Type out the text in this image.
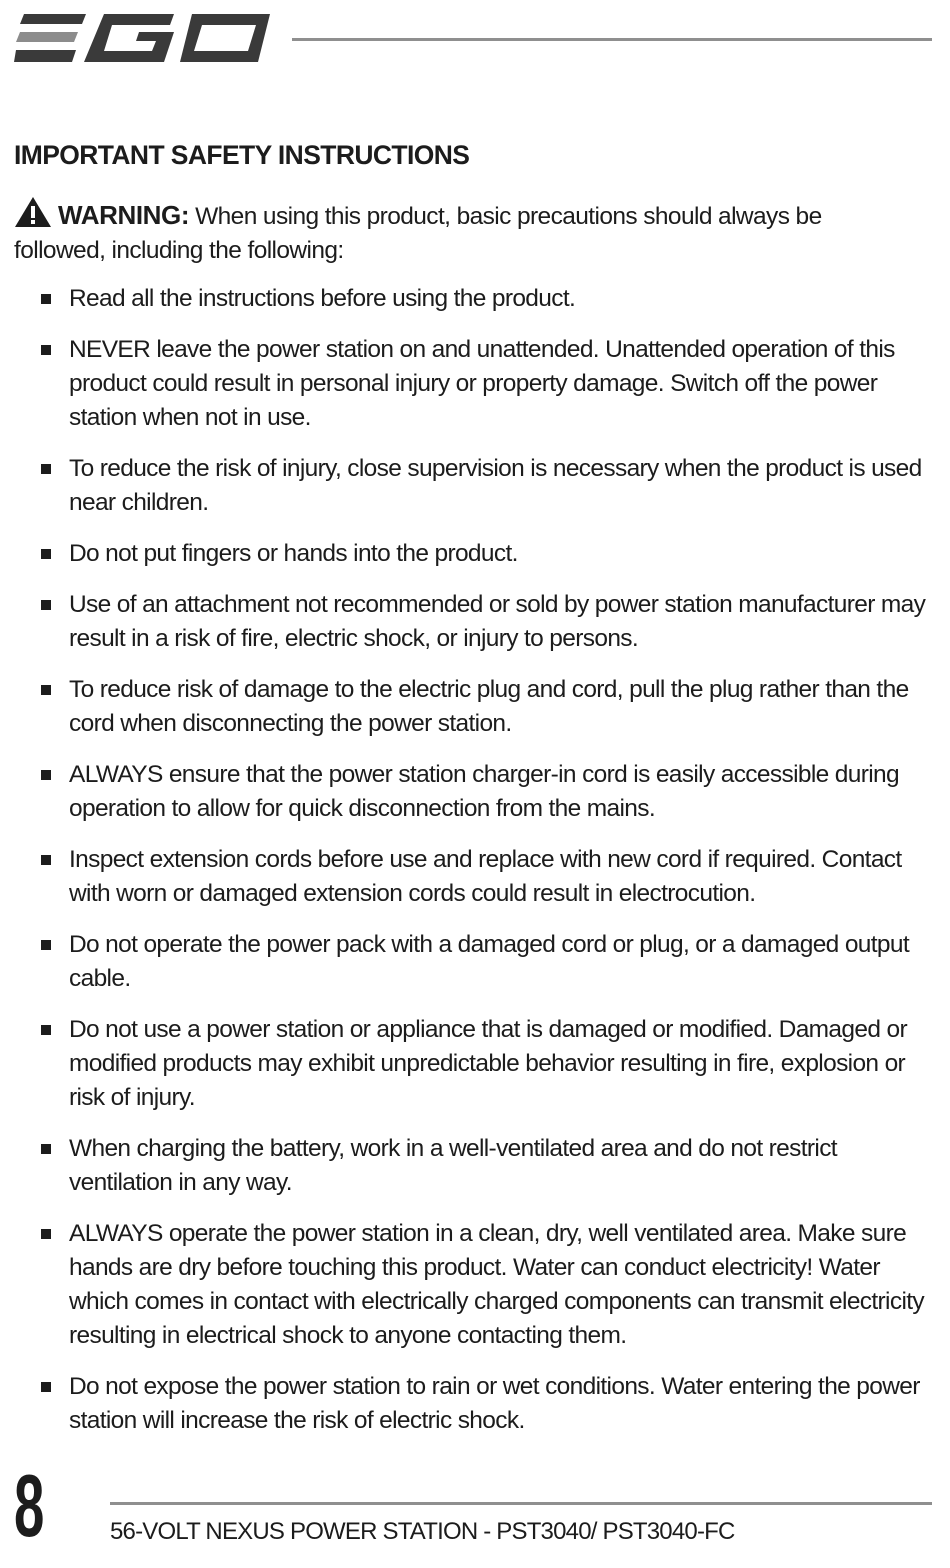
IMPORTANT SAFETY INSTRUCTIONS

WARNING: When using this product, basic precautions should always be followed, including the following:

Read all the instructions before using the product.
NEVER leave the power station on and unattended. Unattended operation of this product could result in personal injury or property damage. Switch off the power station when not in use.
To reduce the risk of injury, close supervision is necessary when the product is used near children.
Do not put fingers or hands into the product.
Use of an attachment not recommended or sold by power station manufacturer may result in a risk of fire, electric shock, or injury to persons.
To reduce risk of damage to the electric plug and cord, pull the plug rather than the cord when disconnecting the power station.
ALWAYS ensure that the power station charger-in cord is easily accessible during operation to allow for quick disconnection from the mains.
Inspect extension cords before use and replace with new cord if required. Contact with worn or damaged extension cords could result in electrocution.
Do not operate the power pack with a damaged cord or plug, or a damaged output cable.
Do not use a power station or appliance that is damaged or modified. Damaged or modified products may exhibit unpredictable behavior resulting in fire, explosion or risk of injury.
When charging the battery, work in a well-ventilated area and do not restrict ventilation in any way.
ALWAYS operate the power station in a clean, dry, well ventilated area. Make sure hands are dry before touching this product. Water can conduct electricity! Water which comes in contact with electrically charged components can transmit electricity resulting in electrical shock to anyone contacting them.
Do not expose the power station to rain or wet conditions. Water entering the power station will increase the risk of electric shock.

8	56-VOLT NEXUS POWER STATION - PST3040/ PST3040-FC
